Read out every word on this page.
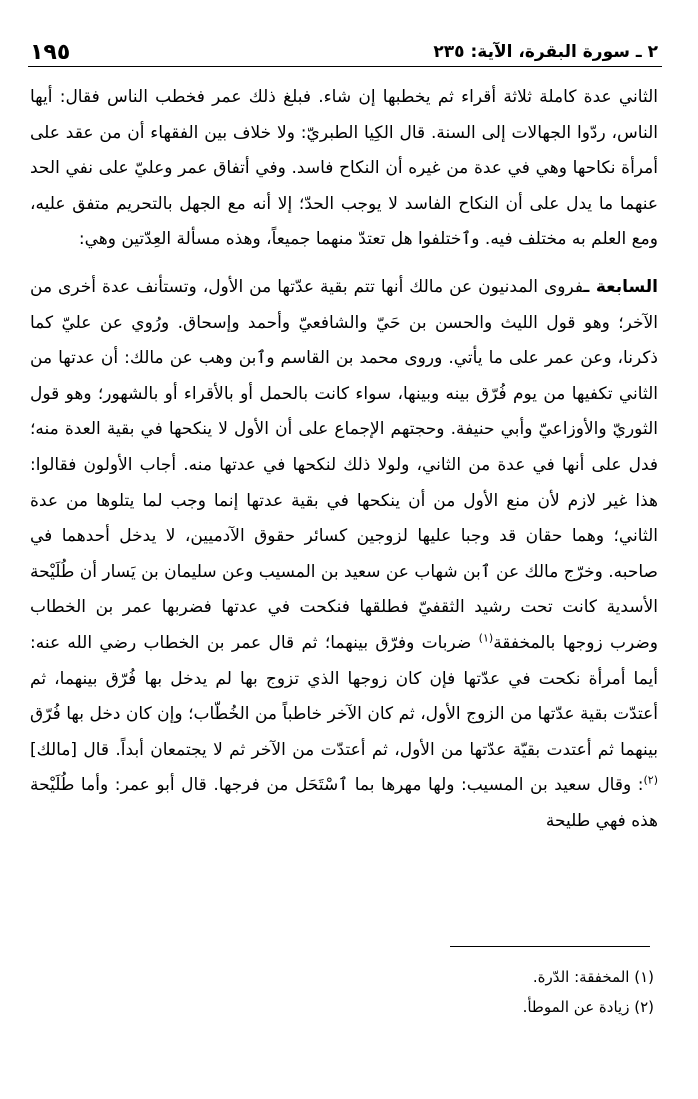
٢ ـ سورة البقرة، الآية: ٢٣٥
١٩٥

الثاني عدة كاملة ثلاثة أقراء ثم يخطبها إن شاء. فبلغ ذلك عمر فخطب الناس فقال: أيها الناس، ردّوا الجهالات إلى السنة. قال الكِيا الطبريّ: ولا خلاف بين الفقهاء أن من عقد على أمرأة نكاحها وهي في عدة من غيره أن النكاح فاسد. وفي أتفاق عمر وعليّ على نفي الحد عنهما ما يدل على أن النكاح الفاسد لا يوجب الحدّ؛ إلا أنه مع الجهل بالتحريم متفق عليه، ومع العلم به مختلف فيه. وٱختلفوا هل تعتدّ منهما جميعاً، وهذه مسألة العِدّتين وهي:

السابعة ـفروى المدنيون عن مالك أنها تتم بقية عدّتها من الأول، وتستأنف عدة أخرى من الآخر؛ وهو قول الليث والحسن بن حَيّ والشافعيّ وأحمد وإسحاق. ورُوي عن عليّ كما ذكرنا، وعن عمر على ما يأتي. وروى محمد بن القاسم وٱبن وهب عن مالك: أن عدتها من الثاني تكفيها من يوم فُرّق بينه وبينها، سواء كانت بالحمل أو بالأقراء أو بالشهور؛ وهو قول الثوريّ والأوزاعيّ وأبي حنيفة. وحجتهم الإجماع على أن الأول لا ينكحها في بقية العدة منه؛ فدل على أنها في عدة من الثاني، ولولا ذلك لنكحها في عدتها منه. أجاب الأولون فقالوا: هذا غير لازم لأن منع الأول من أن ينكحها في بقية عدتها إنما وجب لما يتلوها من عدة الثاني؛ وهما حقان قد وجبا عليها لزوجين كسائر حقوق الآدميين، لا يدخل أحدهما في صاحبه. وخرّج مالك عن ٱبن شهاب عن سعيد بن المسيب وعن سليمان بن يَسار أن طُلَيْحة الأسدية كانت تحت رشيد الثقفيّ فطلقها فنكحت في عدتها فضربها عمر بن الخطاب وضرب زوجها بالمخفقة$^{(١)}$ ضربات وفرّق بينهما؛ ثم قال عمر بن الخطاب رضي الله عنه: أيما أمرأة نكحت في عدّتها فإن كان زوجها الذي تزوج بها لم يدخل بها فُرّق بينهما، ثم أعتدّت بقية عدّتها من الزوج الأول، ثم كان الآخر خاطباً من الخُطّاب؛ وإن كان دخل بها فُرّق بينهما ثم أعتدت بقيّة عدّتها من الأول، ثم أعتدّت من الآخر ثم لا يجتمعان أبداً. قال [مالك]$^{(٢)}$: وقال سعيد بن المسيب: ولها مهرها بما ٱسْتَحَل من فرجها. قال أبو عمر: وأما طُلَيْحة هذه فهي طليحة

(١) المخفقة: الدّرة.
(٢) زيادة عن الموطأ.
